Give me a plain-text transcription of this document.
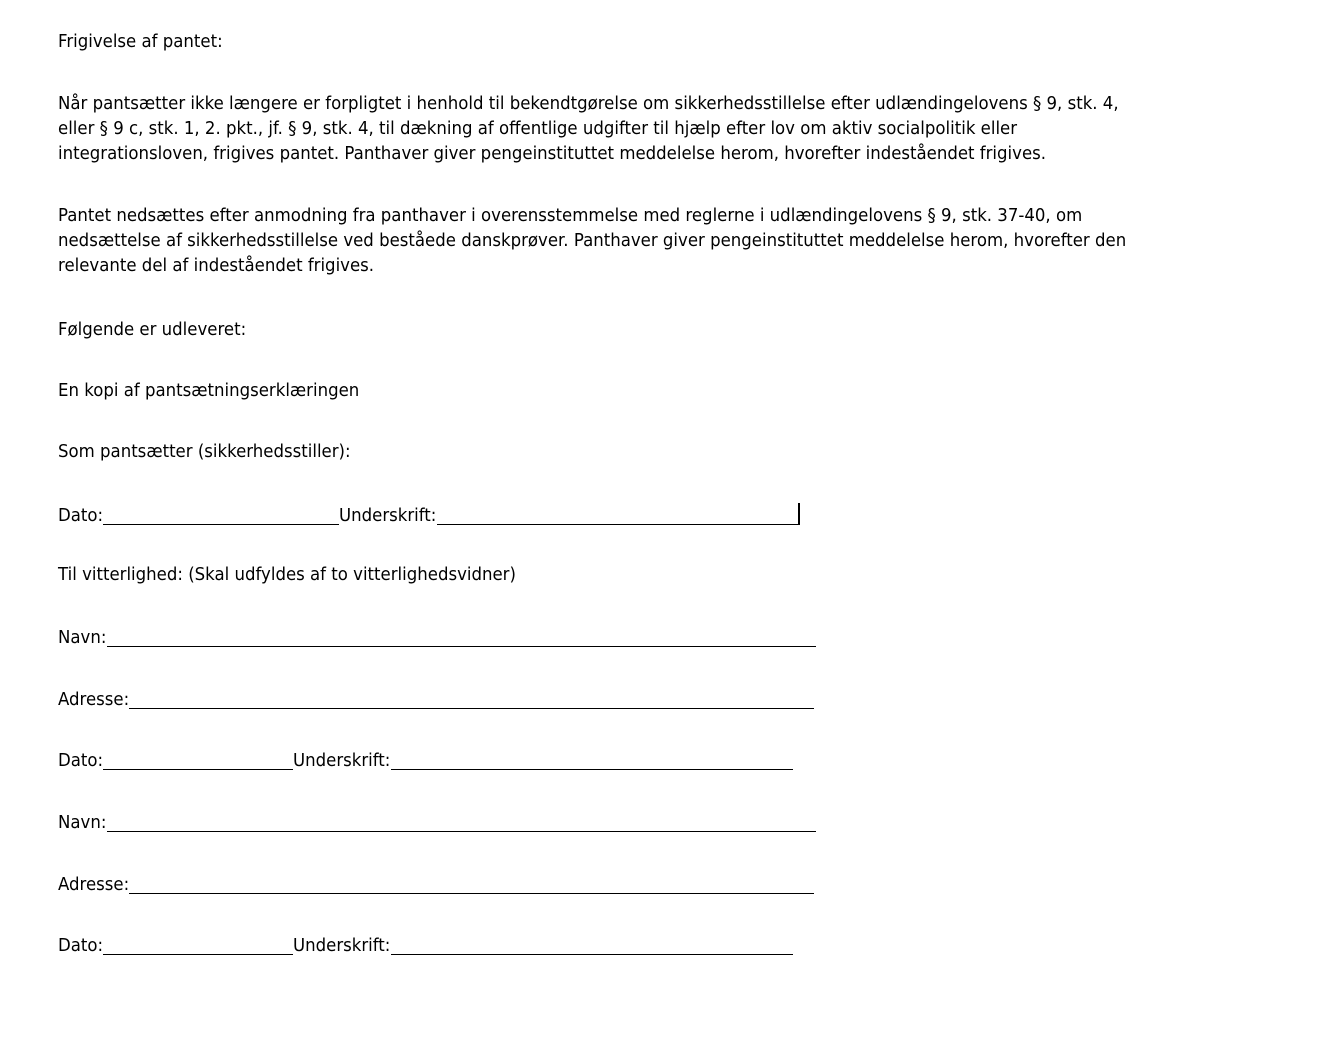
Frigivelse af pantet:
Når pantsætter ikke længere er forpligtet i henhold til bekendtgørelse om sikkerhedsstillelse efter udlændingelovens § 9, stk. 4,
eller § 9 c, stk. 1, 2. pkt., jf. § 9, stk. 4, til dækning af offentlige udgifter til hjælp efter lov om aktiv socialpolitik eller
integrationsloven, frigives pantet. Panthaver giver pengeinstituttet meddelelse herom, hvorefter indeståendet frigives.
Pantet nedsættes efter anmodning fra panthaver i overensstemmelse med reglerne i udlændingelovens § 9, stk. 37-40, om
nedsættelse af sikkerhedsstillelse ved beståede danskprøver. Panthaver giver pengeinstituttet meddelelse herom, hvorefter den
relevante del af indeståendet frigives.
Følgende er udleveret:
En kopi af pantsætningserklæringen
Som pantsætter (sikkerhedsstiller):
Dato:	Underskrift:
Til vitterlighed: (Skal udfyldes af to vitterlighedsvidner)
Navn:
Adresse:
Dato:	Underskrift:
Navn:
Adresse:
Dato:	Underskrift:
